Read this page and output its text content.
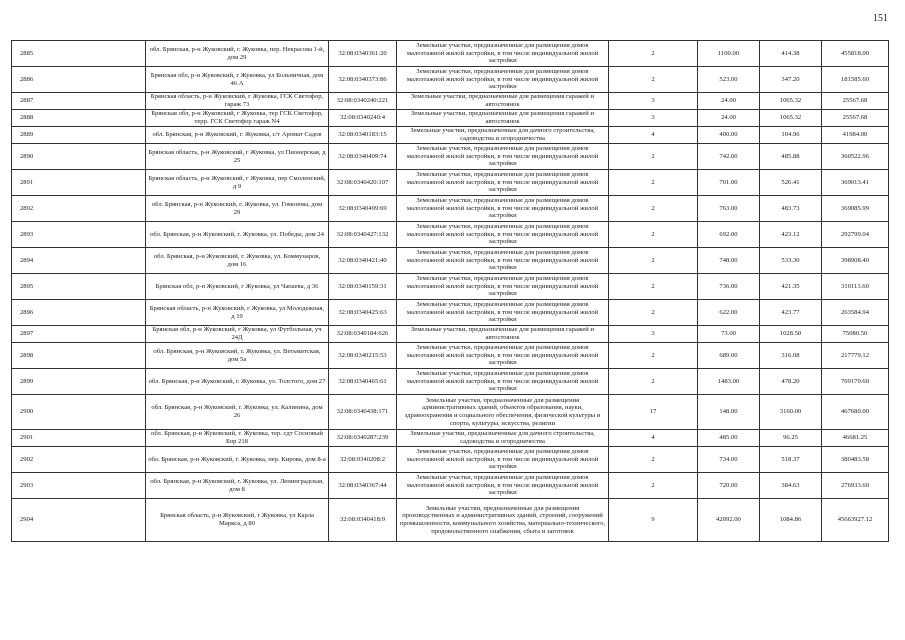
151
2885	обл. Брянская, р-н Жуковский, г. Жуковка, пер. Некрасова 1-й, дом 29	32:08:0340361:20	Земельные участки, предназначенные для размещения домов малоэтажной жилой застройки, в том числе индивидуальной жилой застройки	2	1100.00	414.38	455818.00
2886	Брянская обл, р-н Жуковский, г Жуковка, ул Больничная, дом 46 А	32:08:0340373:86	Земельные участки, предназначенные для размещения домов малоэтажной жилой застройки, в том числе индивидуальной жилой застройки	2	523.00	347.20	181585.60
2887	Брянская область, р-н Жуковский, г Жуковка, ГСК Светофор, гараж 73	32:08:0340240:221	Земельные участки, предназначенные для размещения гаражей и автостоянок	3	24.00	1065.32	25567.68
2888	Брянская обл, р-н Жуковский, г Жуковка, тер ГСК Светофор, терр. ГСК Светофор гараж N4	32:08:0340240:4	Земельные участки, предназначенные для размещения гаражей и автостоянок	3	24.00	1065.32	25567.68
2889	обл. Брянская, р-н Жуковский, г. Жуковка, с/т Аромат Садов	32:08:0340183:15	Земельные участки, предназначенные для дачного строительства, садоводства и огородничества	4	400.00	104.96	41984.00
2890	Брянская область, р-н Жуковский, г Жуковка, ул Пионерская, д 25	32:08:0340499:74	Земельные участки, предназначенные для размещения домов малоэтажной жилой застройки, в том числе индивидуальной жилой застройки	2	742.00	485.88	360522.96
2891	Брянская область, р-н Жуковский, г Жуковка, пер Смоленский, д 9	32:08:0340420:107	Земельные участки, предназначенные для размещения домов малоэтажной жилой застройки, в том числе индивидуальной жилой застройки	2	701.00	526.41	369013.41
2892	обл. Брянская, р-н Жуковский, г. Жуковка, ул. Гомонова, дом 29	32:08:0340499:69	Земельные участки, предназначенные для размещения домов малоэтажной жилой застройки, в том числе индивидуальной жилой застройки	2	763.00	483.73	369085.99
2893	обл. Брянская, р-н Жуковский, г. Жуковка, ул. Победы, дом 24	32:08:0340427:132	Земельные участки, предназначенные для размещения домов малоэтажной жилой застройки, в том числе индивидуальной жилой застройки	2	692.00	423.12	292799.04
2894	обл. Брянская, р-н Жуковский, г. Жуковка, ул. Коммунаров, дом 16	32:08:0340421:40	Земельные участки, предназначенные для размещения домов малоэтажной жилой застройки, в том числе индивидуальной жилой застройки	2	748.00	533.30	398908.40
2895	Брянская обл, р-н Жуковский, г Жуковка, ул Чапаева, д 36	32:08:0340159:31	Земельные участки, предназначенные для размещения домов малоэтажной жилой застройки, в том числе индивидуальной жилой застройки	2	736.00	421.35	310113.60
2896	Брянская область, р-н Жуковский, г Жуковка, ул Молодежная, д 19	32:08:0340425:63	Земельные участки, предназначенные для размещения домов малоэтажной жилой застройки, в том числе индивидуальной жилой застройки	2	622.00	423.77	263584.94
2897	Брянская обл, р-н Жуковский, г Жуковка, ул Футбольная, уч 24Д	32:08:0340184:626	Земельные участки, предназначенные для размещения гаражей и автостоянок	3	73.00	1028.50	75080.50
2898	обл. Брянская, р-н Жуковский, г. Жуковка, ул. Ветьмитская, дом 5а	32:08:0340215:53	Земельные участки, предназначенные для размещения домов малоэтажной жилой застройки, в том числе индивидуальной жилой застройки	2	689.00	316.08	217779.12
2899	обл. Брянская, р-н Жуковский, г. Жуковка, ул. Толстого, дом 27	32:08:0340465:61	Земельные участки, предназначенные для размещения домов малоэтажной жилой застройки, в том числе индивидуальной жилой застройки	2	1483.00	478.20	709170.60
2900	обл. Брянская, р-н Жуковский, г. Жуковка, ул. Калинина, дом 26	32:08:0340438:171	Земельные участки, предназначенные для размещения административных зданий, объектов образования, науки, здравоохранения и социального обеспечения, физической культуры и спорта, культуры, искусства, религии	17	148.00	3160.00	467680.00
2901	обл. Брянская, р-н Жуковский, г. Жуковка, тер. сдт Сосновый Бор 218	32:08:0340287:239	Земельные участки, предназначенные для дачного строительства, садоводства и огородничества	4	485.00	96.25	46681.25
2902	обл. Брянская, р-н Жуковский, г. Жуковка, пер. Кирова, дом 8-а	32:08:0340208:2	Земельные участки, предназначенные для размещения домов малоэтажной жилой застройки, в том числе индивидуальной жилой застройки	2	734.00	518.37	380483.58
2903	обл. Брянская, р-н Жуковский, г. Жуковка, ул. Ленинградская, дом 8	32:08:0340367:44	Земельные участки, предназначенные для размещения домов малоэтажной жилой застройки, в том числе индивидуальной жилой застройки	2	720.00	384.63	276933.60
2904	Брянская область, р-н Жуковский, г Жуковка, ул Карла Маркса, д 80	32:08:0340418:9	Земельные участки, предназначенные для размещения производственных и административных зданий, строений, сооружений промышленности, коммунального хозяйства, материально-технического, продовольственного снабжения, сбыта и заготовок	9	42092.00	1084.86	45663927.12
